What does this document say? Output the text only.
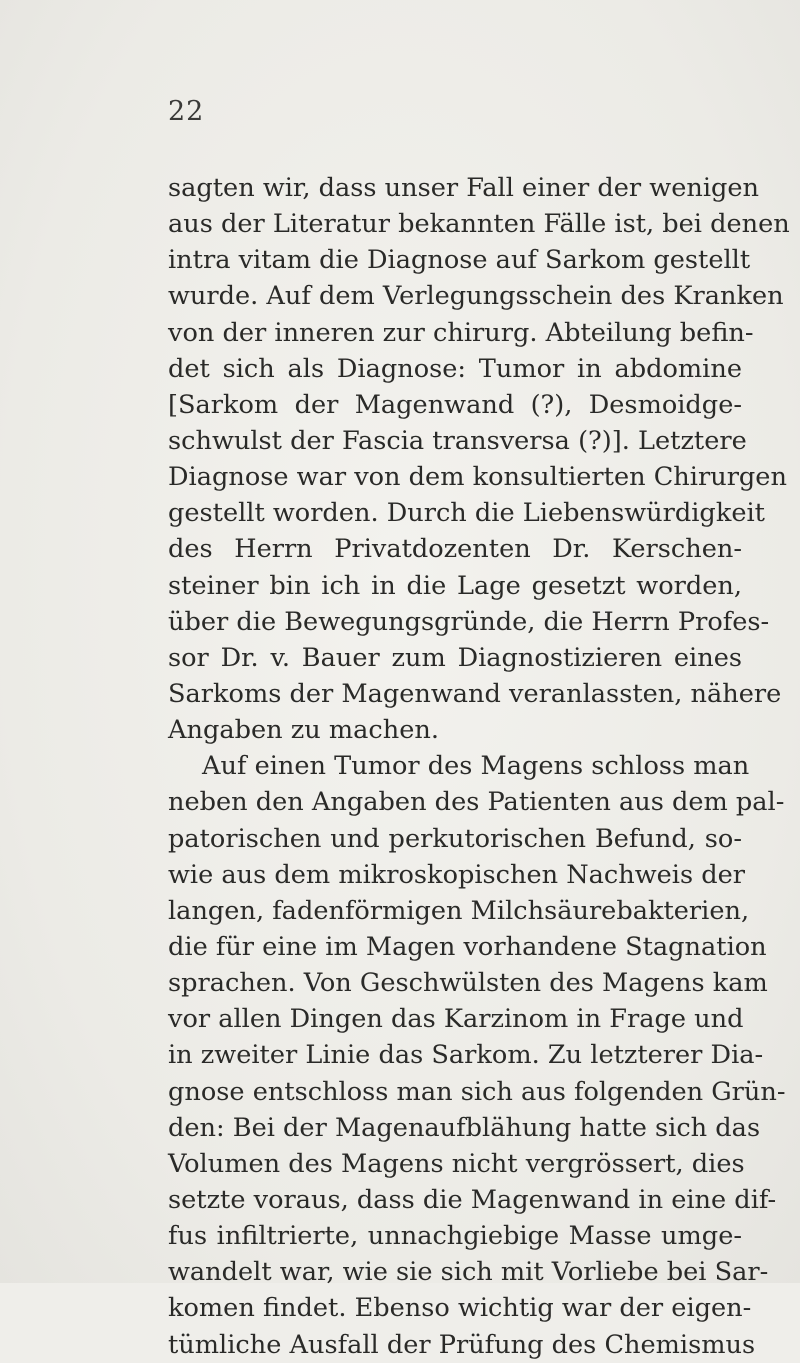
22
sagten wir, dass unser Fall einer der wenigen
aus der Literatur bekannten Fälle ist, bei denen
intra vitam die Diagnose auf Sarkom gestellt
wurde. Auf dem Verlegungsschein des Kranken
von der inneren zur chirurg. Abteilung befin-
det sich als Diagnose: Tumor in abdomine
[Sarkom der Magenwand (?), Desmoidge-
schwulst der Fascia transversa (?)]. Letztere
Diagnose war von dem konsultierten Chirurgen
gestellt worden. Durch die Liebenswürdigkeit
des Herrn Privatdozenten Dr. Kerschen-
steiner bin ich in die Lage gesetzt worden,
über die Bewegungsgründe, die Herrn Profes-
sor Dr. v. Bauer zum Diagnostizieren eines
Sarkoms der Magenwand veranlassten, nähere
Angaben zu machen.
Auf einen Tumor des Magens schloss man
neben den Angaben des Patienten aus dem pal-
patorischen und perkutorischen Befund, so-
wie aus dem mikroskopischen Nachweis der
langen, fadenförmigen Milchsäurebakterien,
die für eine im Magen vorhandene Stagnation
sprachen. Von Geschwülsten des Magens kam
vor allen Dingen das Karzinom in Frage und
in zweiter Linie das Sarkom. Zu letzterer Dia-
gnose entschloss man sich aus folgenden Grün-
den: Bei der Magenaufblähung hatte sich das
Volumen des Magens nicht vergrössert, dies
setzte voraus, dass die Magenwand in eine dif-
fus infiltrierte, unnachgiebige Masse umge-
wandelt war, wie sie sich mit Vorliebe bei Sar-
komen findet. Ebenso wichtig war der eigen-
tümliche Ausfall der Prüfung des Chemismus
